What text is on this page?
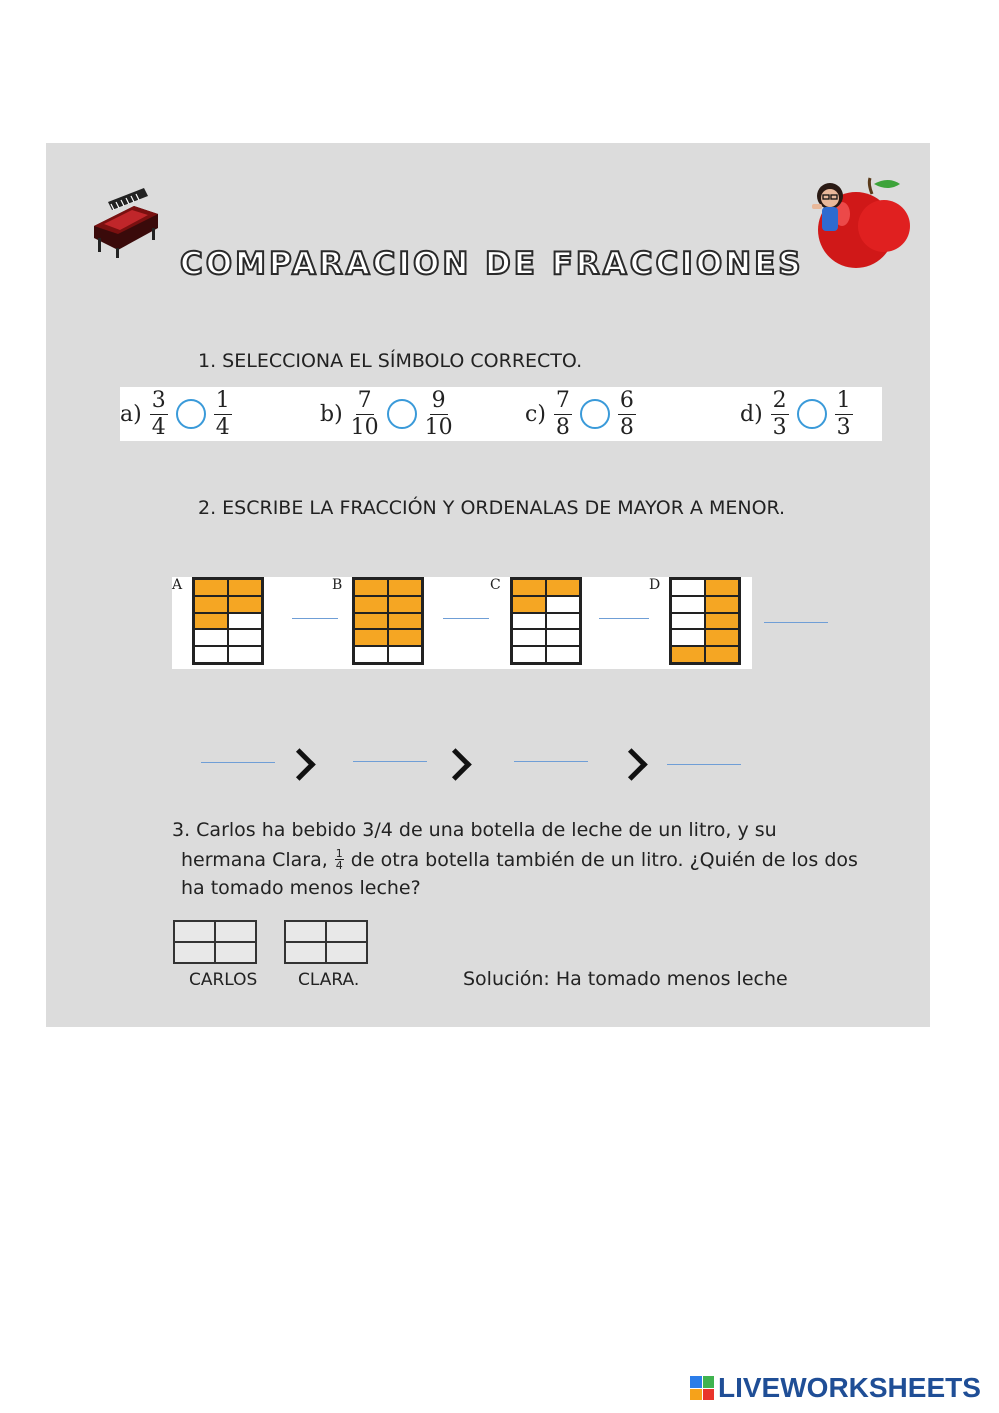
COMPARACION DE FRACCIONES
1. SELECCIONA EL SÍMBOLO CORRECTO.
$a) \frac{3}{4} \frac{1}{4}$	$b) \frac{7}{10} \frac{9}{10}$	$c) \frac{7}{8} \frac{6}{8}$	$d) \frac{2}{3} \frac{1}{3}$
2. ESCRIBE LA FRACCIÓN Y ORDENALAS DE MAYOR A MENOR.
A	B	C	D
3. Carlos ha bebido 3/4 de una botella de leche de un litro, y su
hermana Clara, $\frac{1}{4}$ de otra botella también de un litro. ¿Quién de los dos
ha tomado menos leche?
CARLOS CLARA.	Solución: Ha tomado menos leche
LIVEWORKSHEETS
